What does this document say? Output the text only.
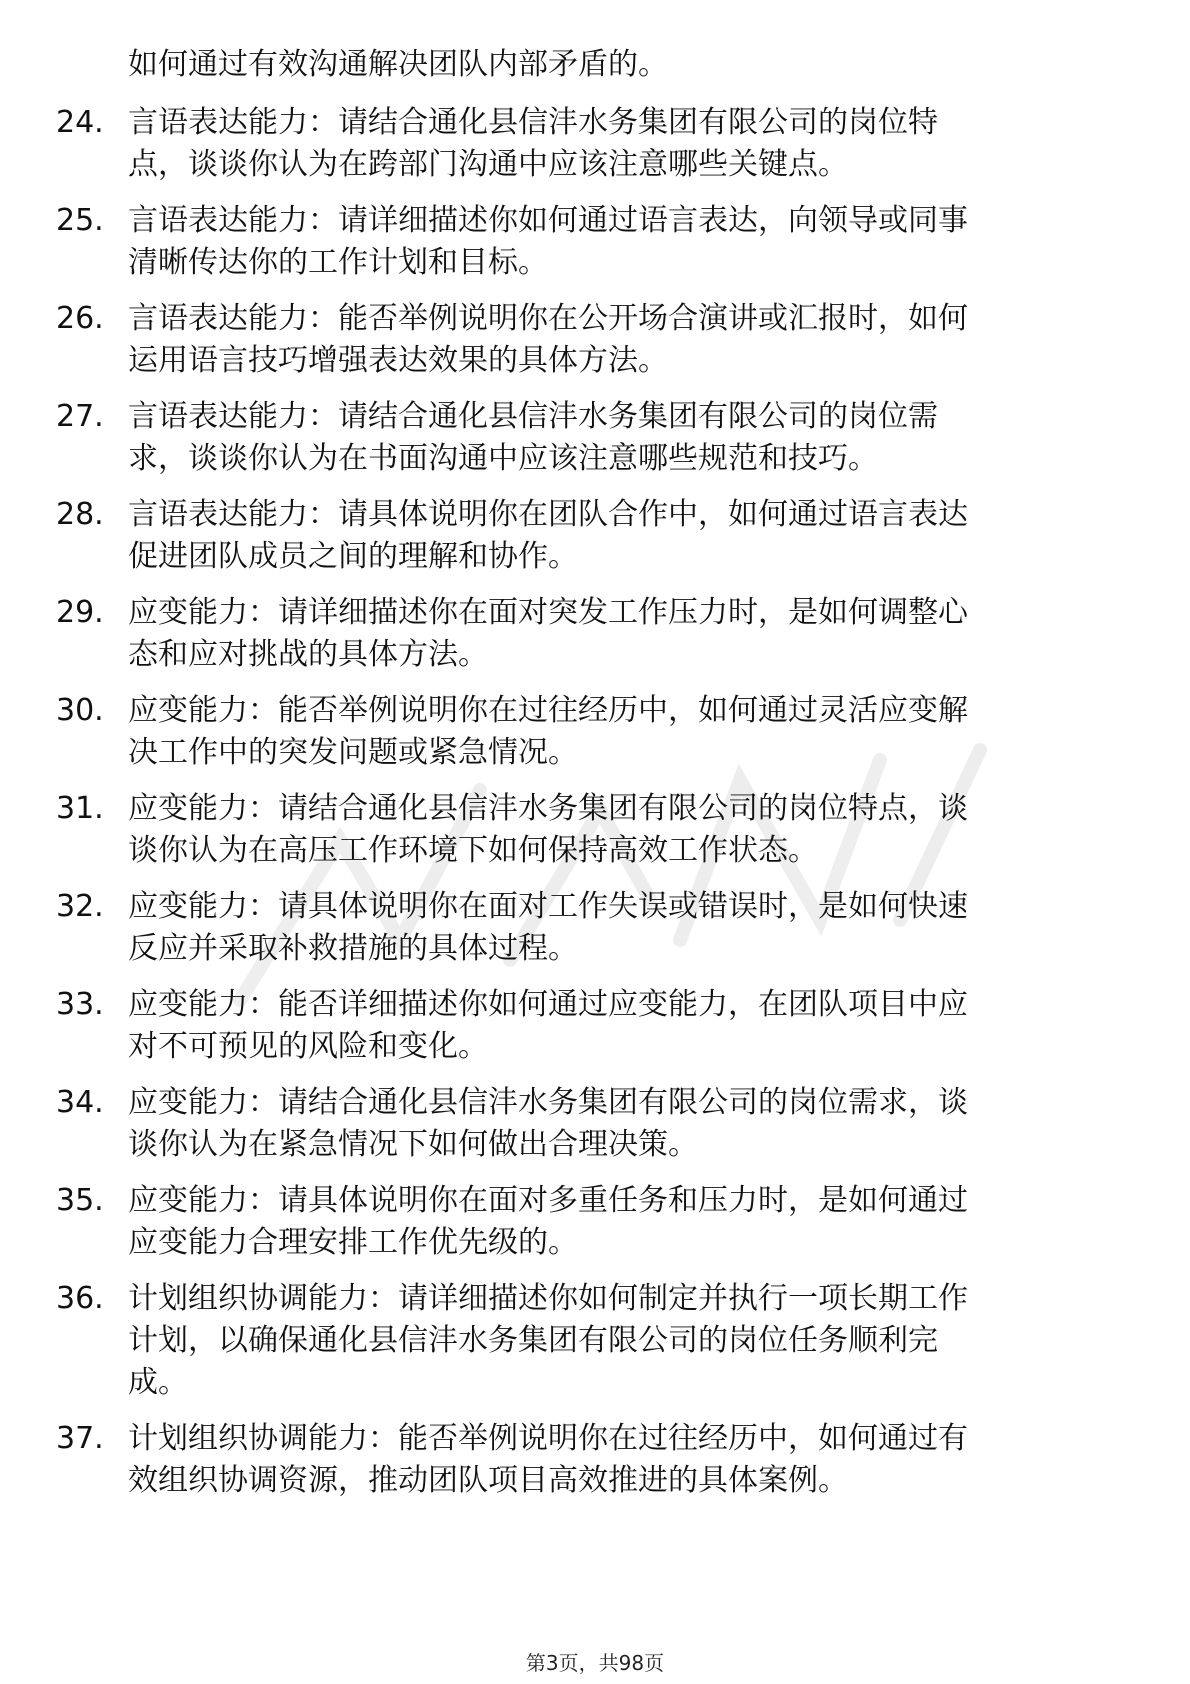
如何通过有效沟通解决团队内部矛盾的。
24. 言语表达能力：请结合通化县信沣水务集团有限公司的岗位特
点，谈谈你认为在跨部门沟通中应该注意哪些关键点。
25. 言语表达能力：请详细描述你如何通过语言表达，向领导或同事
清晰传达你的工作计划和目标。
26. 言语表达能力：能否举例说明你在公开场合演讲或汇报时，如何
运用语言技巧增强表达效果的具体方法。
27. 言语表达能力：请结合通化县信沣水务集团有限公司的岗位需
求，谈谈你认为在书面沟通中应该注意哪些规范和技巧。
28. 言语表达能力：请具体说明你在团队合作中，如何通过语言表达
促进团队成员之间的理解和协作。
29. 应变能力：请详细描述你在面对突发工作压力时，是如何调整心
态和应对挑战的具体方法。
30. 应变能力：能否举例说明你在过往经历中，如何通过灵活应变解
决工作中的突发问题或紧急情况。
31. 应变能力：请结合通化县信沣水务集团有限公司的岗位特点，谈
谈你认为在高压工作环境下如何保持高效工作状态。
32. 应变能力：请具体说明你在面对工作失误或错误时，是如何快速
反应并采取补救措施的具体过程。
33. 应变能力：能否详细描述你如何通过应变能力，在团队项目中应
对不可预见的风险和变化。
34. 应变能力：请结合通化县信沣水务集团有限公司的岗位需求，谈
谈你认为在紧急情况下如何做出合理决策。
35. 应变能力：请具体说明你在面对多重任务和压力时，是如何通过
应变能力合理安排工作优先级的。
36. 计划组织协调能力：请详细描述你如何制定并执行一项长期工作
计划，以确保通化县信沣水务集团有限公司的岗位任务顺利完
成。
37. 计划组织协调能力：能否举例说明你在过往经历中，如何通过有
效组织协调资源，推动团队项目高效推进的具体案例。
第3页，共98页
